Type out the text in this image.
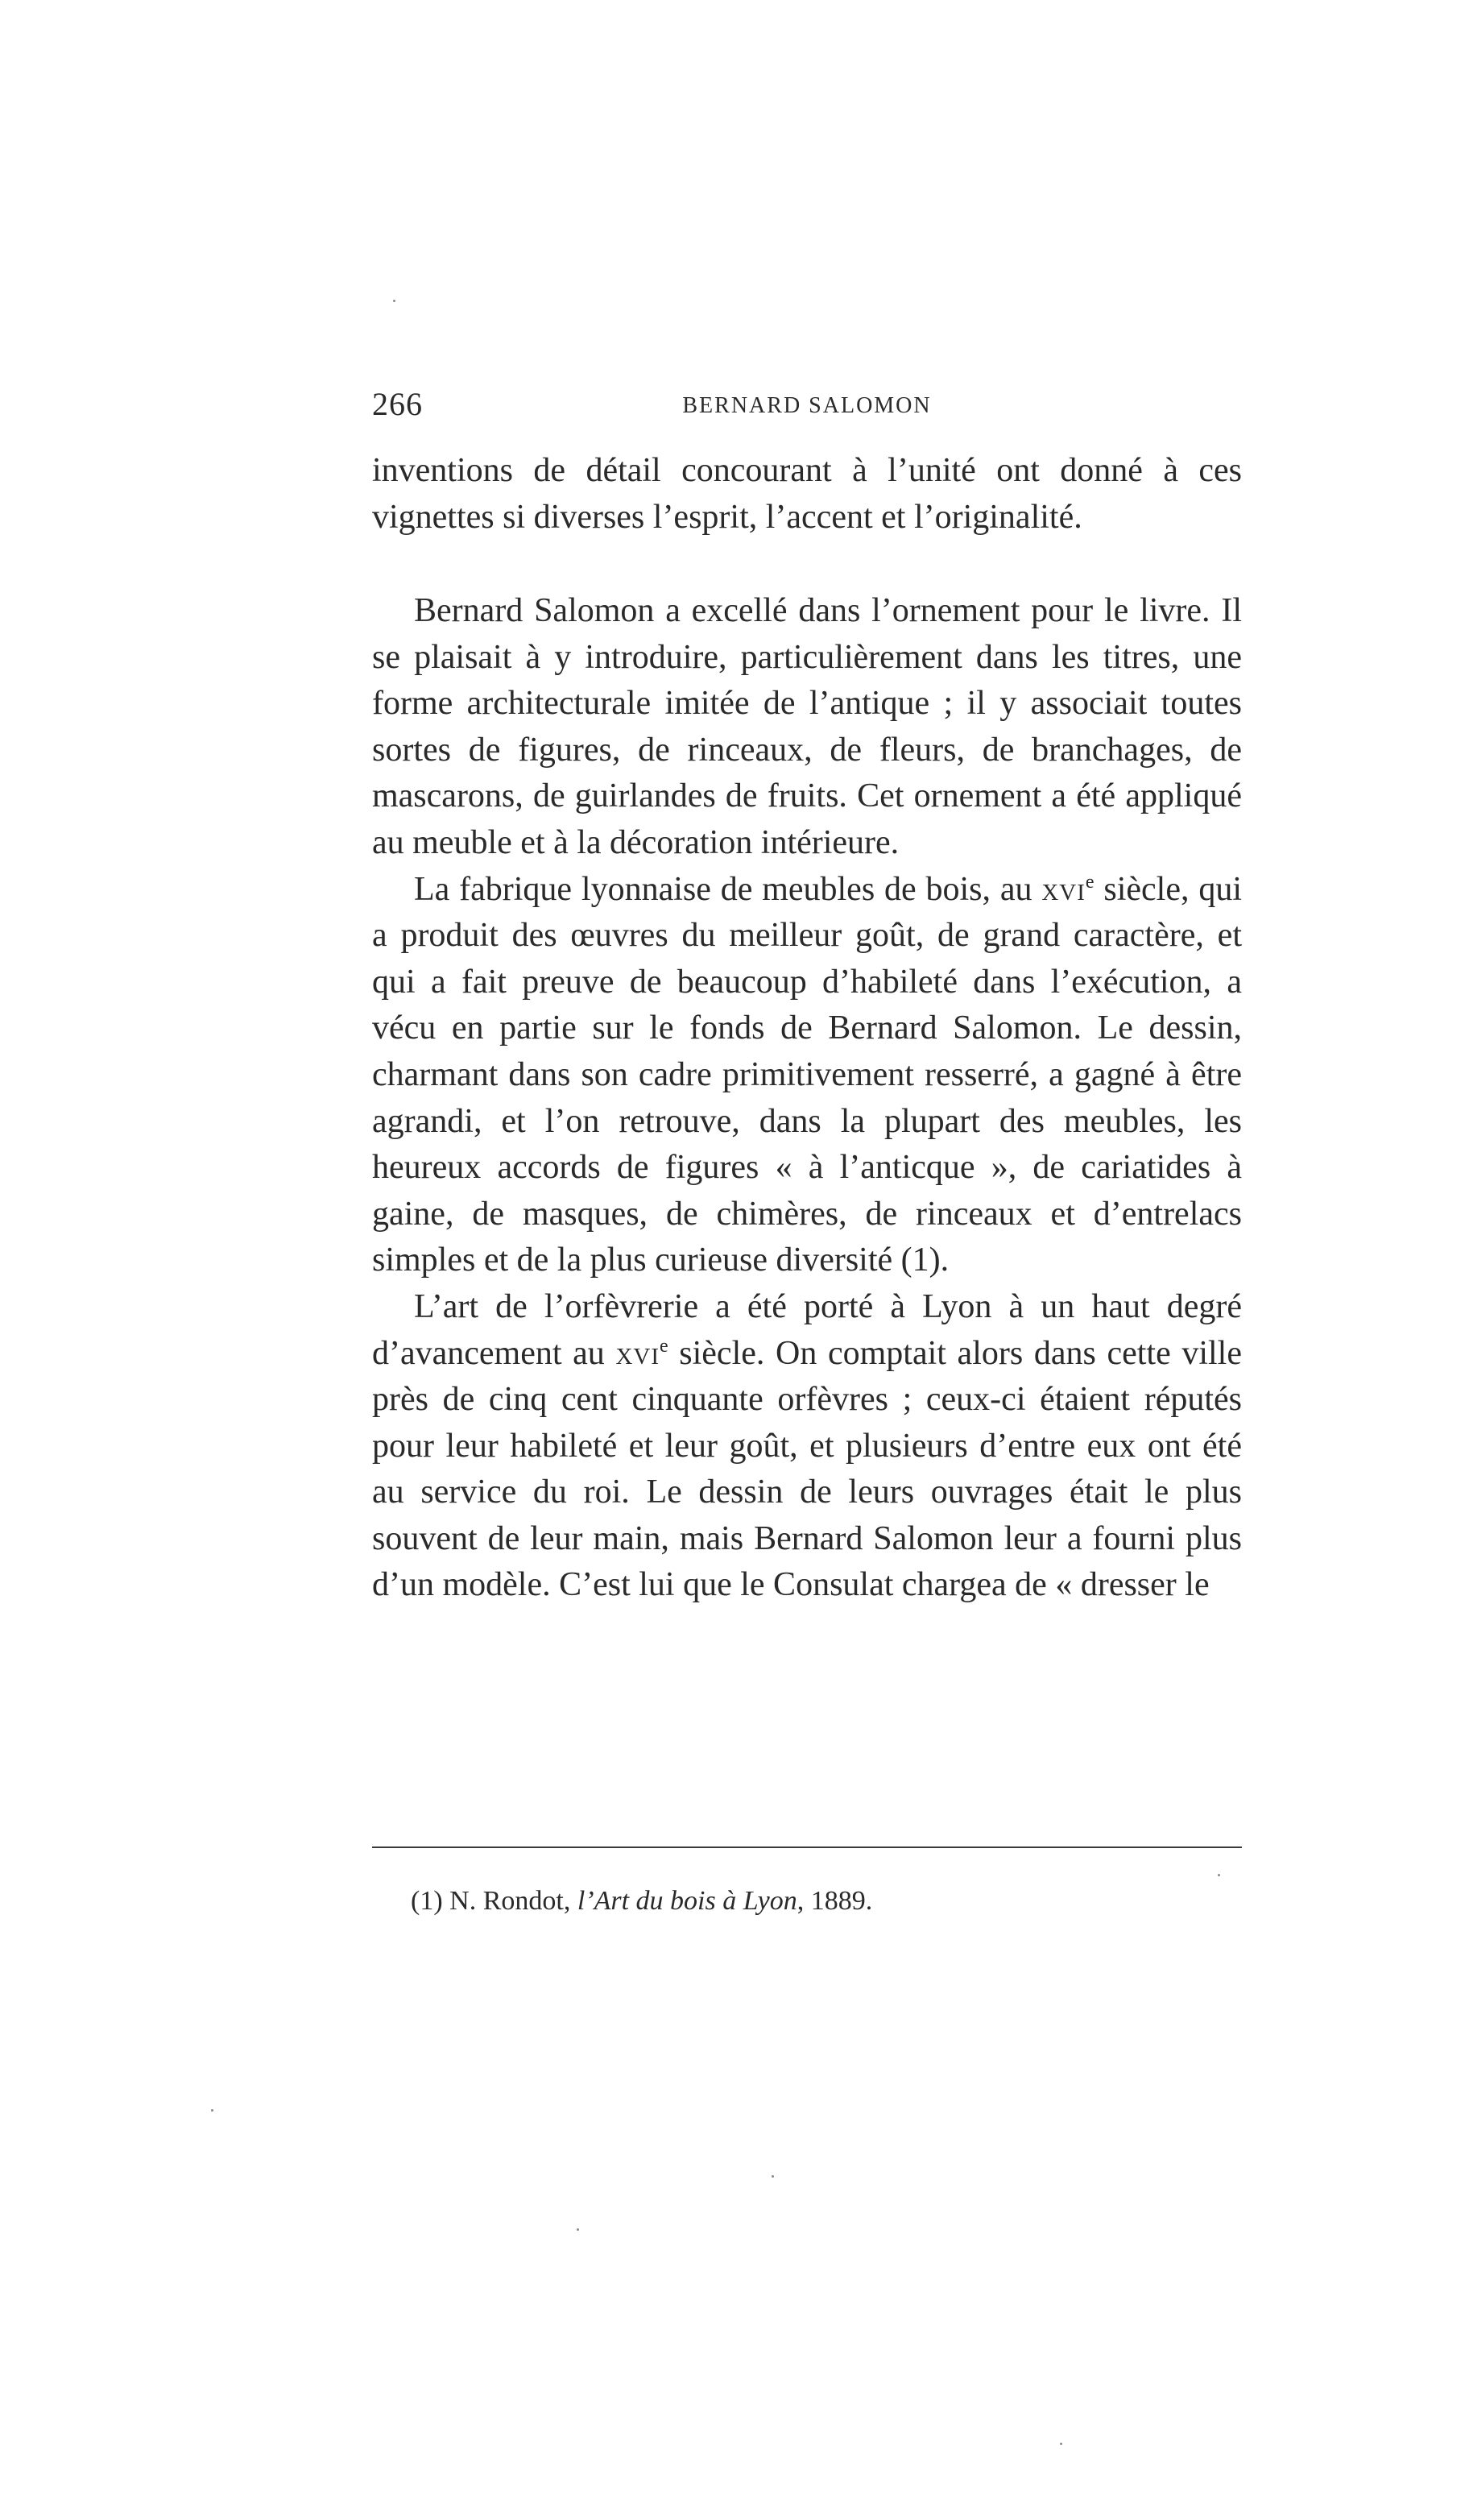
266	BERNARD SALOMON

inventions de détail concourant à l’unité ont donné à ces vignettes si diverses l’esprit, l’accent et l’originalité.

Bernard Salomon a excellé dans l’ornement pour le livre. Il se plaisait à y introduire, particulièrement dans les titres, une forme architecturale imitée de l’antique ; il y associait toutes sortes de figures, de rinceaux, de fleurs, de branchages, de mascarons, de guirlandes de fruits. Cet ornement a été appliqué au meuble et à la décoration intérieure.

La fabrique lyonnaise de meubles de bois, au xvi$^e$ siècle, qui a produit des œuvres du meilleur goût, de grand caractère, et qui a fait preuve de beaucoup d’habileté dans l’exécution, a vécu en partie sur le fonds de Bernard Salomon. Le dessin, charmant dans son cadre primitivement resserré, a gagné à être agrandi, et l’on retrouve, dans la plupart des meubles, les heureux accords de figures « à l’anticque », de cariatides à gaine, de masques, de chimères, de rinceaux et d’entrelacs simples et de la plus curieuse diversité (1).

L’art de l’orfèvrerie a été porté à Lyon à un haut degré d’avancement au xvi$^e$ siècle. On comptait alors dans cette ville près de cinq cent cinquante orfèvres ; ceux-ci étaient réputés pour leur habileté et leur goût, et plusieurs d’entre eux ont été au service du roi. Le dessin de leurs ouvrages était le plus souvent de leur main, mais Bernard Salomon leur a fourni plus d’un modèle. C’est lui que le Consulat chargea de « dresser le

(1) N. Rondot, l’Art du bois à Lyon, 1889.
